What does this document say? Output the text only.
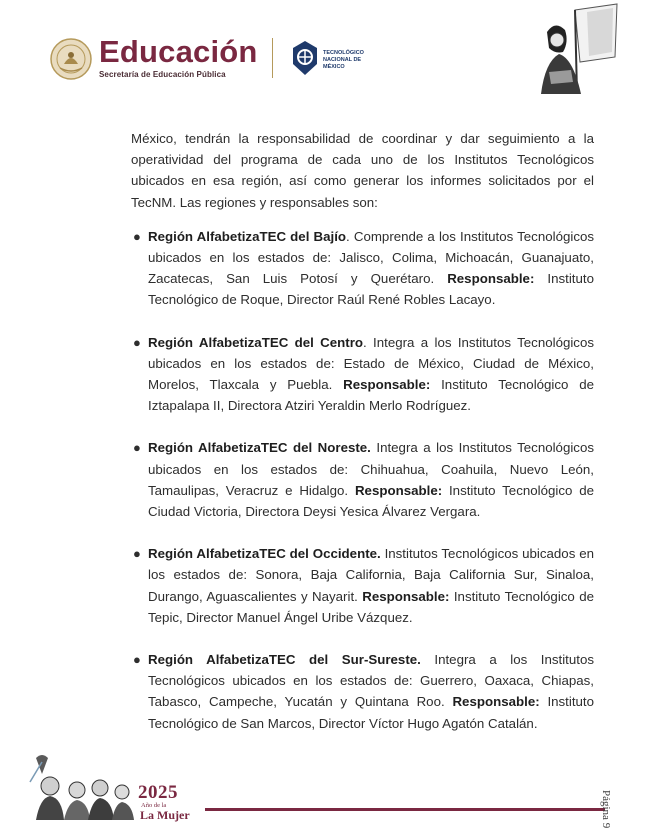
Educación
Secretaría de Educación Pública
TECNOLÓGICO NACIONAL DE MÉXICO

México, tendrán la responsabilidad de coordinar y dar seguimiento a la operatividad del programa de cada uno de los Institutos Tecnológicos ubicados en esa región, así como generar los informes solicitados por el TecNM. Las regiones y responsables son:

● Región AlfabetizaTEC del Bajío. Comprende a los Institutos Tecnológicos ubicados en los estados de: Jalisco, Colima, Michoacán, Guanajuato, Zacatecas, San Luis Potosí y Querétaro. Responsable: Instituto Tecnológico de Roque, Director Raúl René Robles Lacayo.
● Región AlfabetizaTEC del Centro. Integra a los Institutos Tecnológicos ubicados en los estados de: Estado de México, Ciudad de México, Morelos, Tlaxcala y Puebla. Responsable: Instituto Tecnológico de Iztapalapa II, Directora Atziri Yeraldin Merlo Rodríguez.
● Región AlfabetizaTEC del Noreste. Integra a los Institutos Tecnológicos ubicados en los estados de: Chihuahua, Coahuila, Nuevo León, Tamaulipas, Veracruz e Hidalgo. Responsable: Instituto Tecnológico de Ciudad Victoria, Directora Deysi Yesica Álvarez Vergara.
● Región AlfabetizaTEC del Occidente. Institutos Tecnológicos ubicados en los estados de: Sonora, Baja California, Baja California Sur, Sinaloa, Durango, Aguascalientes y Nayarit. Responsable: Instituto Tecnológico de Tepic, Director Manuel Ángel Uribe Vázquez.
● Región AlfabetizaTEC del Sur-Sureste. Integra a los Institutos Tecnológicos ubicados en los estados de: Guerrero, Oaxaca, Chiapas, Tabasco, Campeche, Yucatán y Quintana Roo. Responsable: Instituto Tecnológico de San Marcos, Director Víctor Hugo Agatón Catalán.
2025
Año de la
La Mujer	Página 9
